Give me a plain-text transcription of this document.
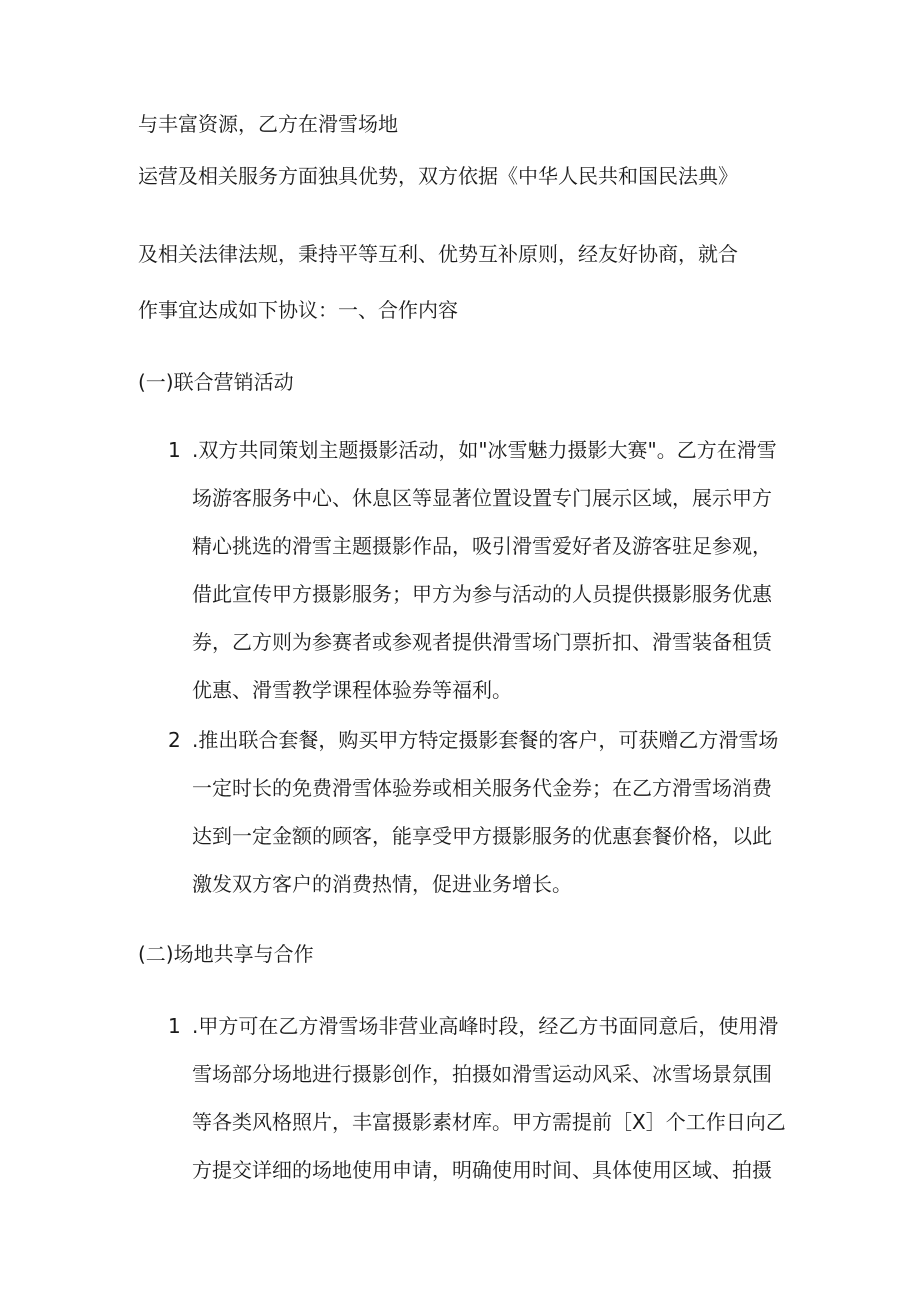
与丰富资源，乙方在滑雪场地
运营及相关服务方面独具优势，双方依据《中华人民共和国民法典》
及相关法律法规，秉持平等互利、优势互补原则，经友好协商，就合
作事宜达成如下协议：一、合作内容
(一)联合营销活动
1 .双方共同策划主题摄影活动，如"冰雪魅力摄影大赛"。乙方在滑雪
场游客服务中心、休息区等显著位置设置专门展示区域，展示甲方
精心挑选的滑雪主题摄影作品，吸引滑雪爱好者及游客驻足参观，
借此宣传甲方摄影服务；甲方为参与活动的人员提供摄影服务优惠
券，乙方则为参赛者或参观者提供滑雪场门票折扣、滑雪装备租赁
优惠、滑雪教学课程体验券等福利。
2 .推出联合套餐，购买甲方特定摄影套餐的客户，可获赠乙方滑雪场
一定时长的免费滑雪体验券或相关服务代金券；在乙方滑雪场消费
达到一定金额的顾客，能享受甲方摄影服务的优惠套餐价格，以此
激发双方客户的消费热情，促进业务增长。
(二)场地共享与合作
1 .甲方可在乙方滑雪场非营业高峰时段，经乙方书面同意后，使用滑
雪场部分场地进行摄影创作，拍摄如滑雪运动风采、冰雪场景氛围
等各类风格照片，丰富摄影素材库。甲方需提前［X］个工作日向乙
方提交详细的场地使用申请，明确使用时间、具体使用区域、拍摄
